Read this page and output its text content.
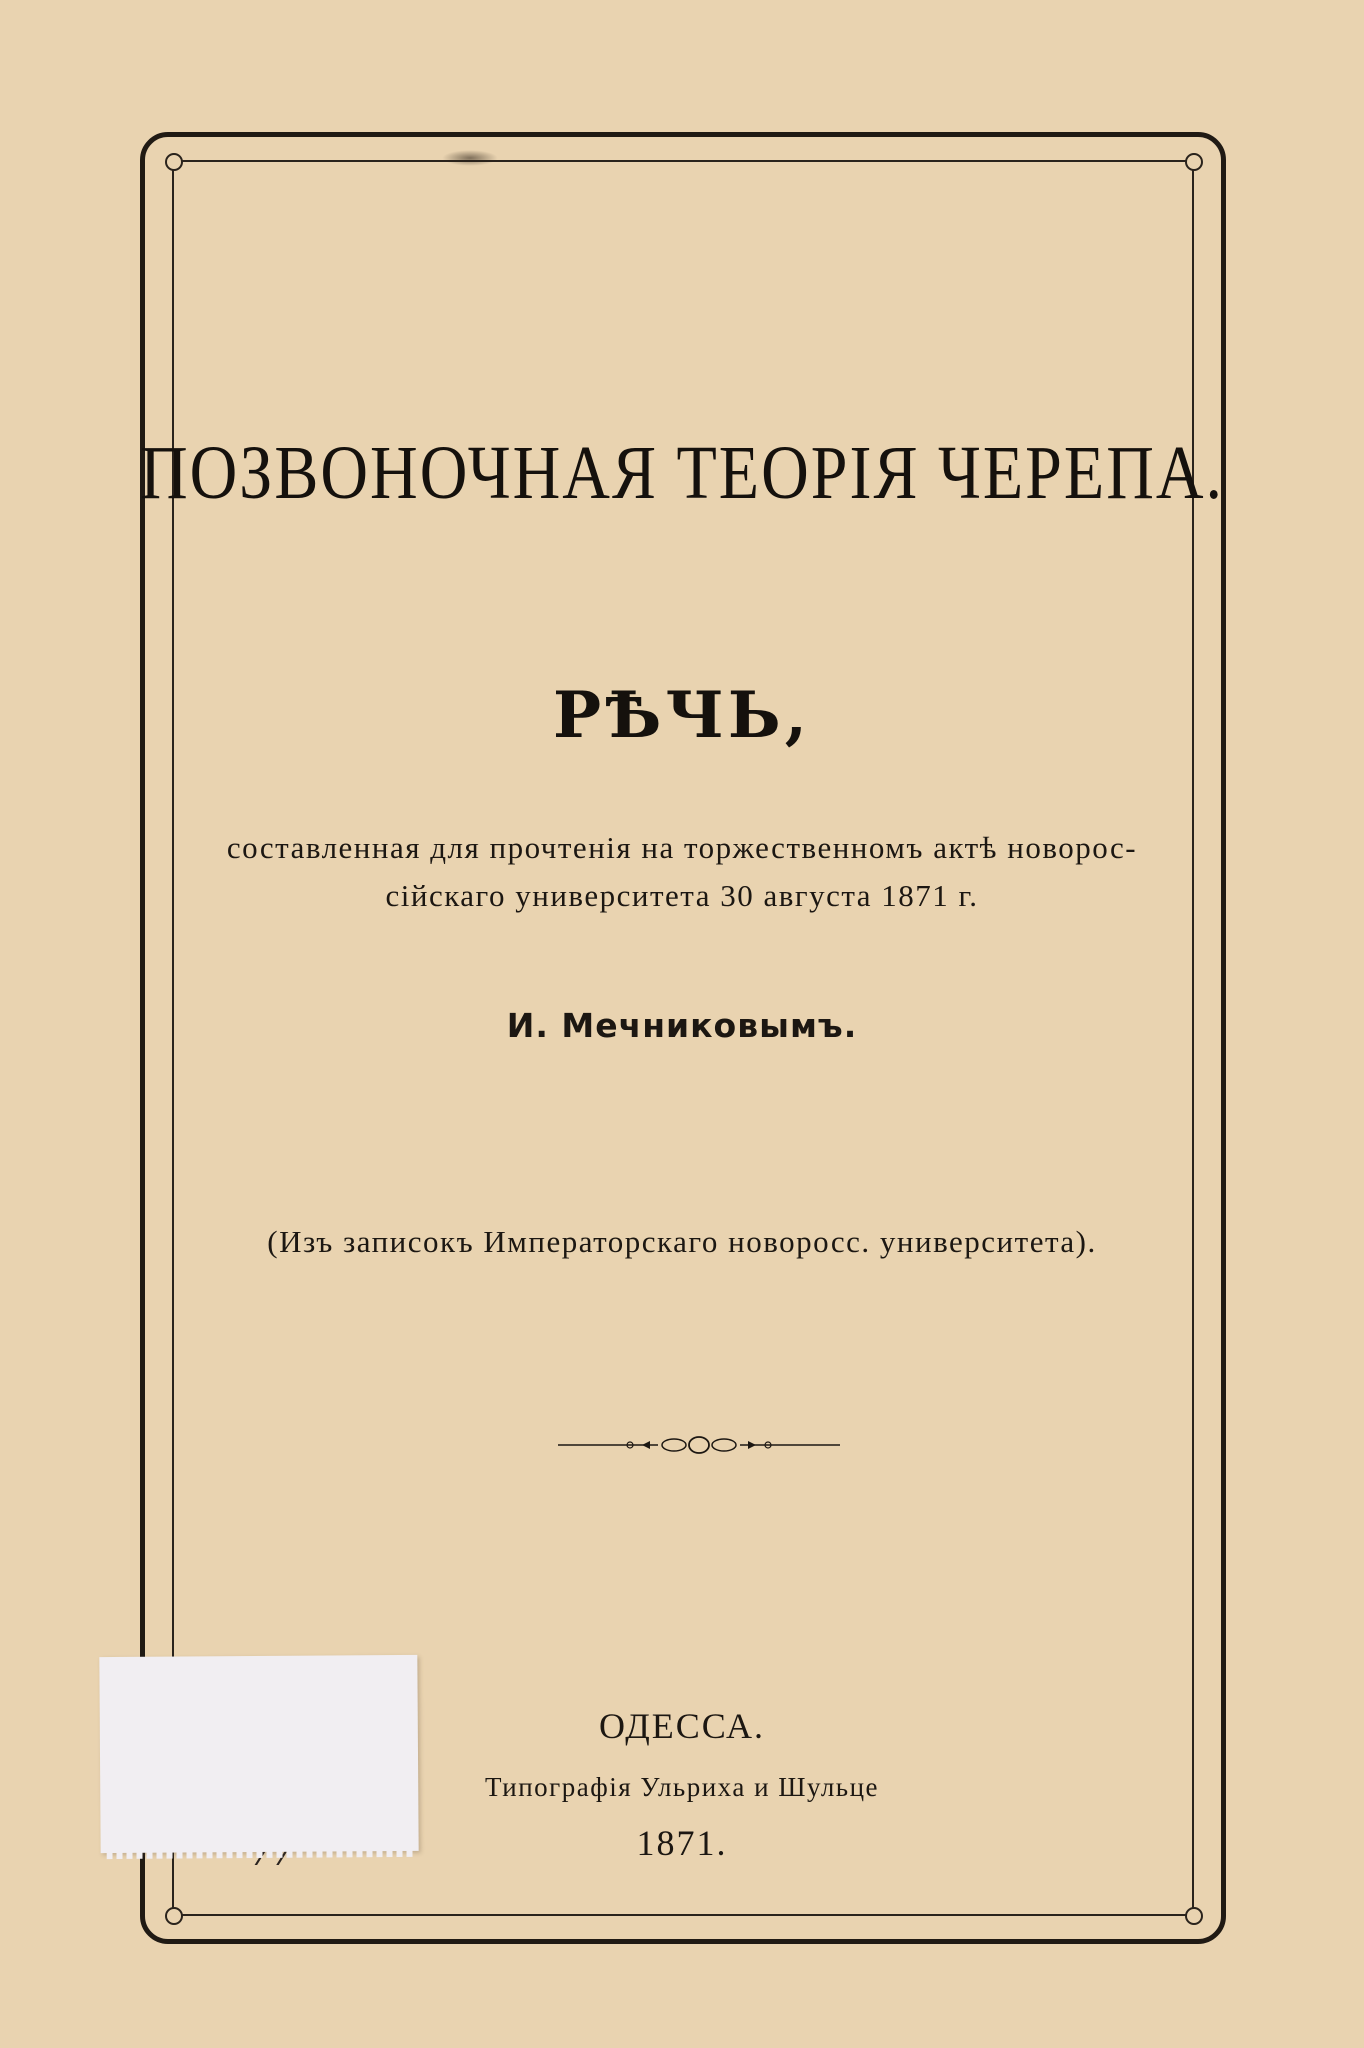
ПОЗВОНОЧНАЯ ТЕОРІЯ ЧЕРЕПА.
РѢЧЬ,
составленная для прочтенія на торжественномъ актѣ новорос-
сійскаго университета 30 августа 1871 г.
И. Мечниковымъ.
(Изъ записокъ Императорскаго новоросс. университета).
ОДЕССА.
Типографія Ульриха и Шульце
1871.
